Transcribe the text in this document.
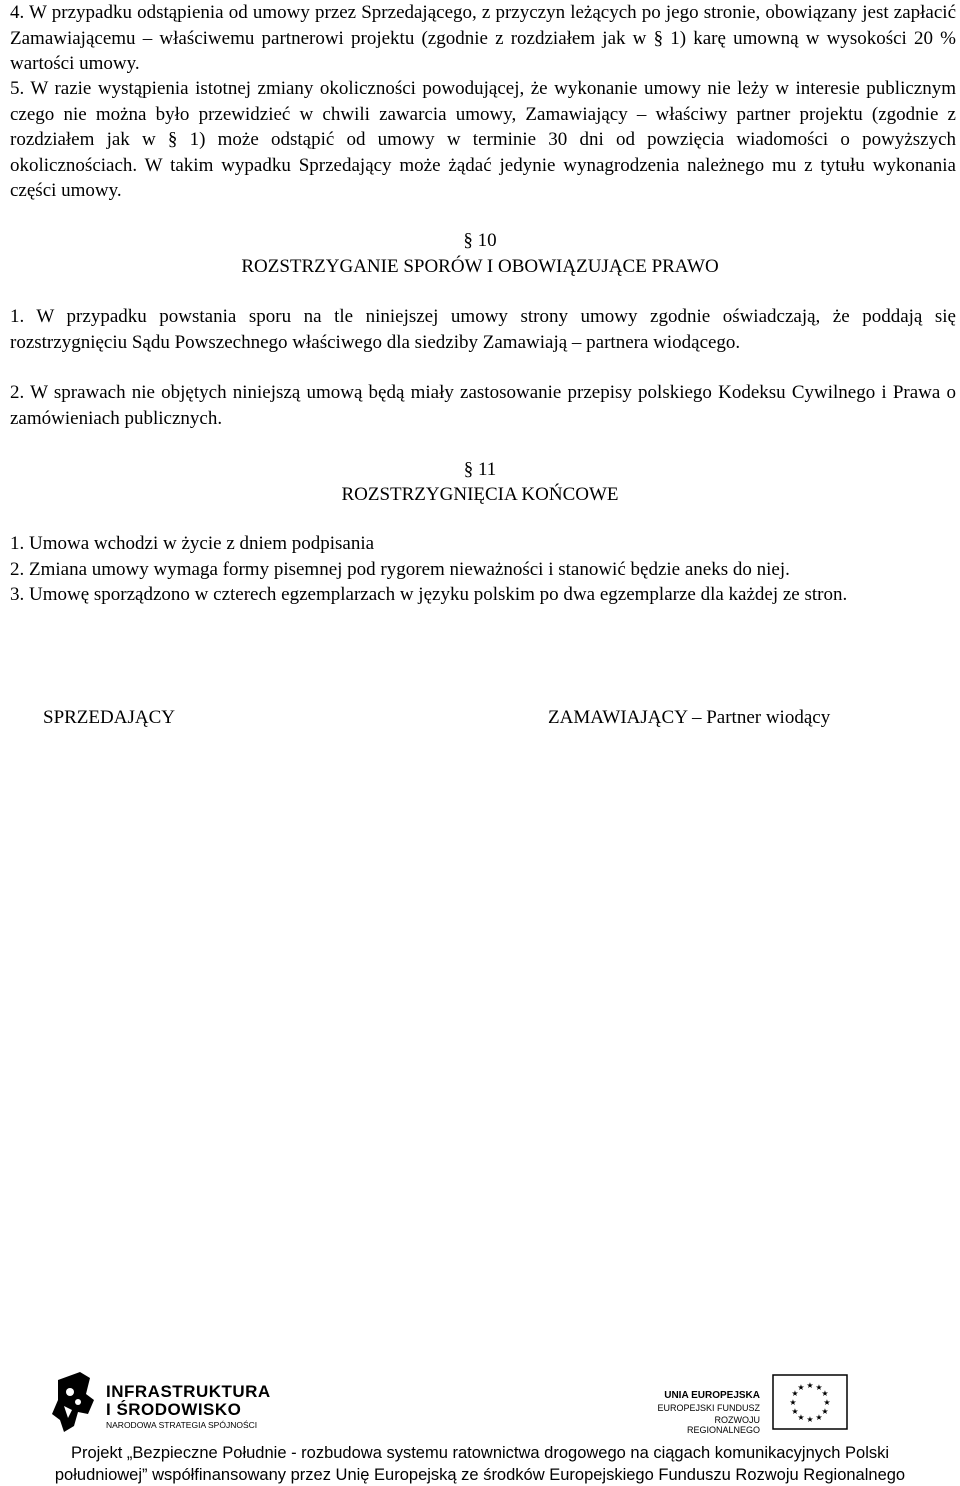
4. W przypadku odstąpienia od umowy przez Sprzedającego, z przyczyn leżących po jego stronie, obowiązany jest zapłacić Zamawiającemu – właściwemu partnerowi projektu (zgodnie z rozdziałem jak w § 1) karę umowną w wysokości 20 % wartości umowy.

5. W razie wystąpienia istotnej zmiany okoliczności powodującej, że wykonanie umowy nie leży w interesie publicznym czego nie można było przewidzieć w chwili zawarcia umowy, Zamawiający – właściwy partner projektu (zgodnie z rozdziałem jak w § 1) może odstąpić od umowy w terminie 30 dni od powzięcia wiadomości o powyższych okolicznościach. W takim wypadku Sprzedający może żądać jedynie wynagrodzenia należnego mu z tytułu wykonania części umowy.

§ 10

ROZSTRZYGANIE SPORÓW I OBOWIĄZUJĄCE PRAWO

1. W przypadku powstania sporu na tle niniejszej umowy strony umowy zgodnie oświadczają, że poddają się rozstrzygnięciu Sądu Powszechnego właściwego dla siedziby Zamawiają – partnera wiodącego.

2. W sprawach nie objętych niniejszą umową będą miały zastosowanie przepisy polskiego Kodeksu Cywilnego i Prawa o zamówieniach publicznych.

§ 11

ROZSTRZYGNIĘCIA KOŃCOWE

1. Umowa wchodzi w życie z dniem podpisania
2. Zmiana umowy wymaga formy pisemnej pod rygorem nieważności i stanowić będzie aneks do niej.
3. Umowę sporządzono w czterech egzemplarzach w języku polskim po dwa egzemplarze dla każdej ze stron.

SPRZEDAJĄCY	ZAMAWIAJĄCY – Partner wiodący

INFRASTRUKTURA

I ŚRODOWISKO

NARODOWA STRATEGIA SPÓJNOŚCI

UNIA EUROPEJSKA

EUROPEJSKI FUNDUSZ

ROZWOJU REGIONALNEGO

★ ★
★
★
★
★
★
★
★
★
★
★

Projekt „Bezpieczne Południe - rozbudowa systemu ratownictwa drogowego na ciągach komunikacyjnych Polski

południowej” współfinansowany przez Unię Europejską ze środków Europejskiego Funduszu Rozwoju Regionalnego
